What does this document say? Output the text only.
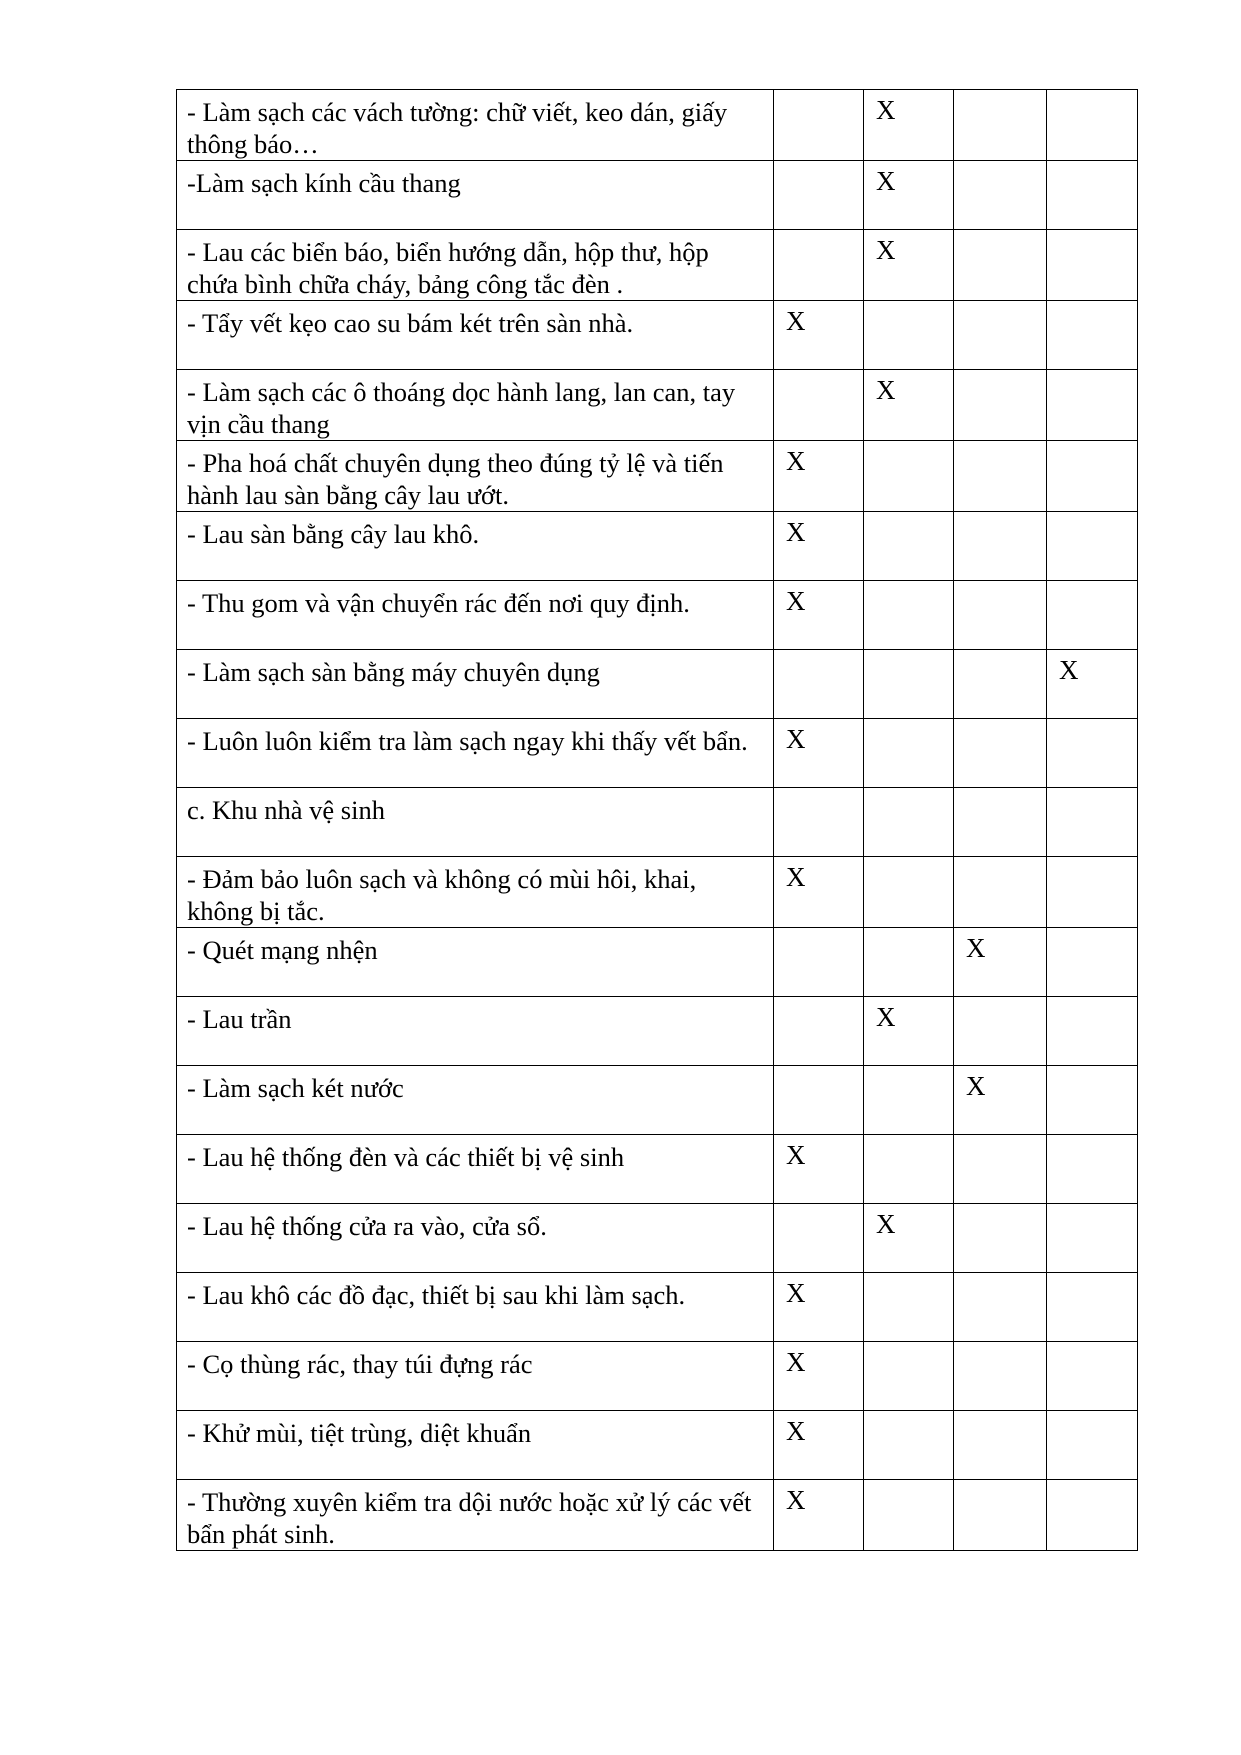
- Làm sạch các vách tường: chữ viết, keo dán, giấy thông báo…		X		
-Làm sạch kính cầu thang		X		
- Lau các biển báo, biển hướng dẫn, hộp thư, hộp chứa bình chữa cháy, bảng công tắc đèn .		X		
- Tẩy vết kẹo cao su bám két trên sàn nhà.	X			
- Làm sạch các ô thoáng dọc hành lang, lan can, tay vịn cầu thang		X		
- Pha hoá chất chuyên dụng theo đúng tỷ lệ và tiến hành lau sàn bằng cây lau ướt.	X			
- Lau sàn bằng cây lau khô.	X			
- Thu gom và vận chuyển rác đến nơi quy định.	X			
- Làm sạch sàn bằng máy chuyên dụng				X
- Luôn luôn kiểm tra làm sạch ngay khi thấy vết bẩn.	X			
c. Khu nhà vệ sinh				
- Đảm bảo luôn sạch và không có mùi hôi, khai, không bị tắc.	X			
- Quét mạng nhện			X	
- Lau trần		X		
- Làm sạch két nước			X	
- Lau hệ thống đèn và các thiết bị vệ sinh	X			
- Lau hệ thống cửa ra vào, cửa sổ.		X		
- Lau khô các đồ đạc, thiết bị sau khi làm sạch.	X			
- Cọ thùng rác, thay túi đựng rác	X			
- Khử mùi, tiệt trùng, diệt khuẩn	X			
- Thường xuyên kiểm tra dội nước hoặc xử lý các vết bẩn phát sinh.	X			
